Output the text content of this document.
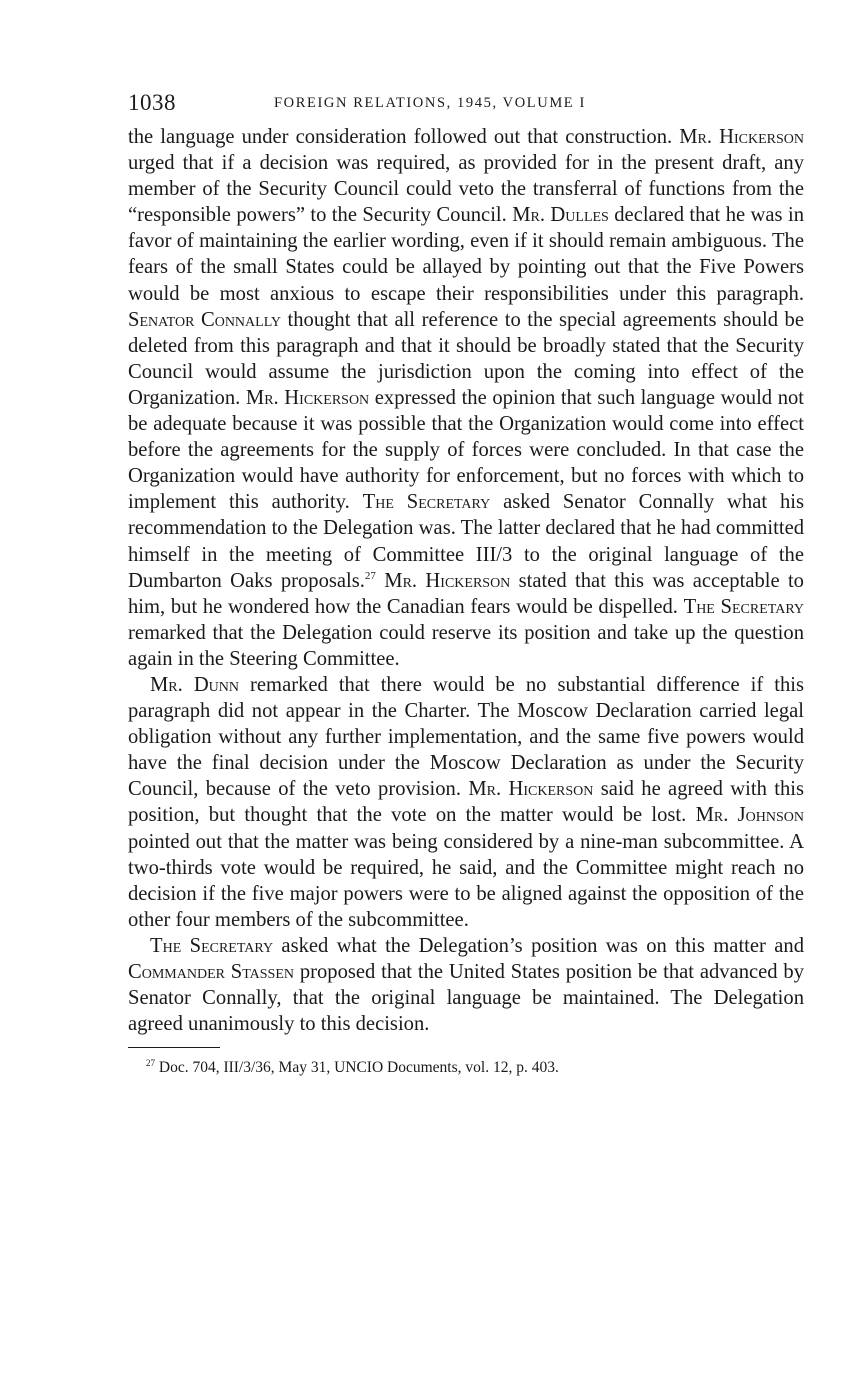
1038	FOREIGN RELATIONS, 1945, VOLUME I

the language under consideration followed out that construction. Mr. Hickerson urged that if a decision was required, as provided for in the present draft, any member of the Security Council could veto the transferral of functions from the “responsible powers” to the Security Council. Mr. Dulles declared that he was in favor of maintaining the earlier wording, even if it should remain ambiguous. The fears of the small States could be allayed by pointing out that the Five Powers would be most anxious to escape their responsibilities under this paragraph. Senator Connally thought that all reference to the special agreements should be deleted from this paragraph and that it should be broadly stated that the Security Council would assume the jurisdiction upon the coming into effect of the Organization. Mr. Hickerson expressed the opinion that such language would not be adequate because it was possible that the Organization would come into effect before the agreements for the supply of forces were concluded. In that case the Organization would have authority for enforcement, but no forces with which to implement this authority. The Secretary asked Senator Connally what his recommendation to the Delegation was. The latter declared that he had committed himself in the meeting of Committee III/3 to the original language of the Dumbarton Oaks proposals.$^{27}$ Mr. Hickerson stated that this was acceptable to him, but he wondered how the Canadian fears would be dispelled. The Secretary remarked that the Delegation could reserve its position and take up the question again in the Steering Committee.

Mr. Dunn remarked that there would be no substantial difference if this paragraph did not appear in the Charter. The Moscow Declaration carried legal obligation without any further implementation, and the same five powers would have the final decision under the Moscow Declaration as under the Security Council, because of the veto provision. Mr. Hickerson said he agreed with this position, but thought that the vote on the matter would be lost. Mr. Johnson pointed out that the matter was being considered by a nine-man subcommittee. A two-thirds vote would be required, he said, and the Committee might reach no decision if the five major powers were to be aligned against the opposition of the other four members of the subcommittee.

The Secretary asked what the Delegation’s position was on this matter and Commander Stassen proposed that the United States position be that advanced by Senator Connally, that the original language be maintained. The Delegation agreed unanimously to this decision.

$^{27}$ Doc. 704, III/3/36, May 31, UNCIO Documents, vol. 12, p. 403.
